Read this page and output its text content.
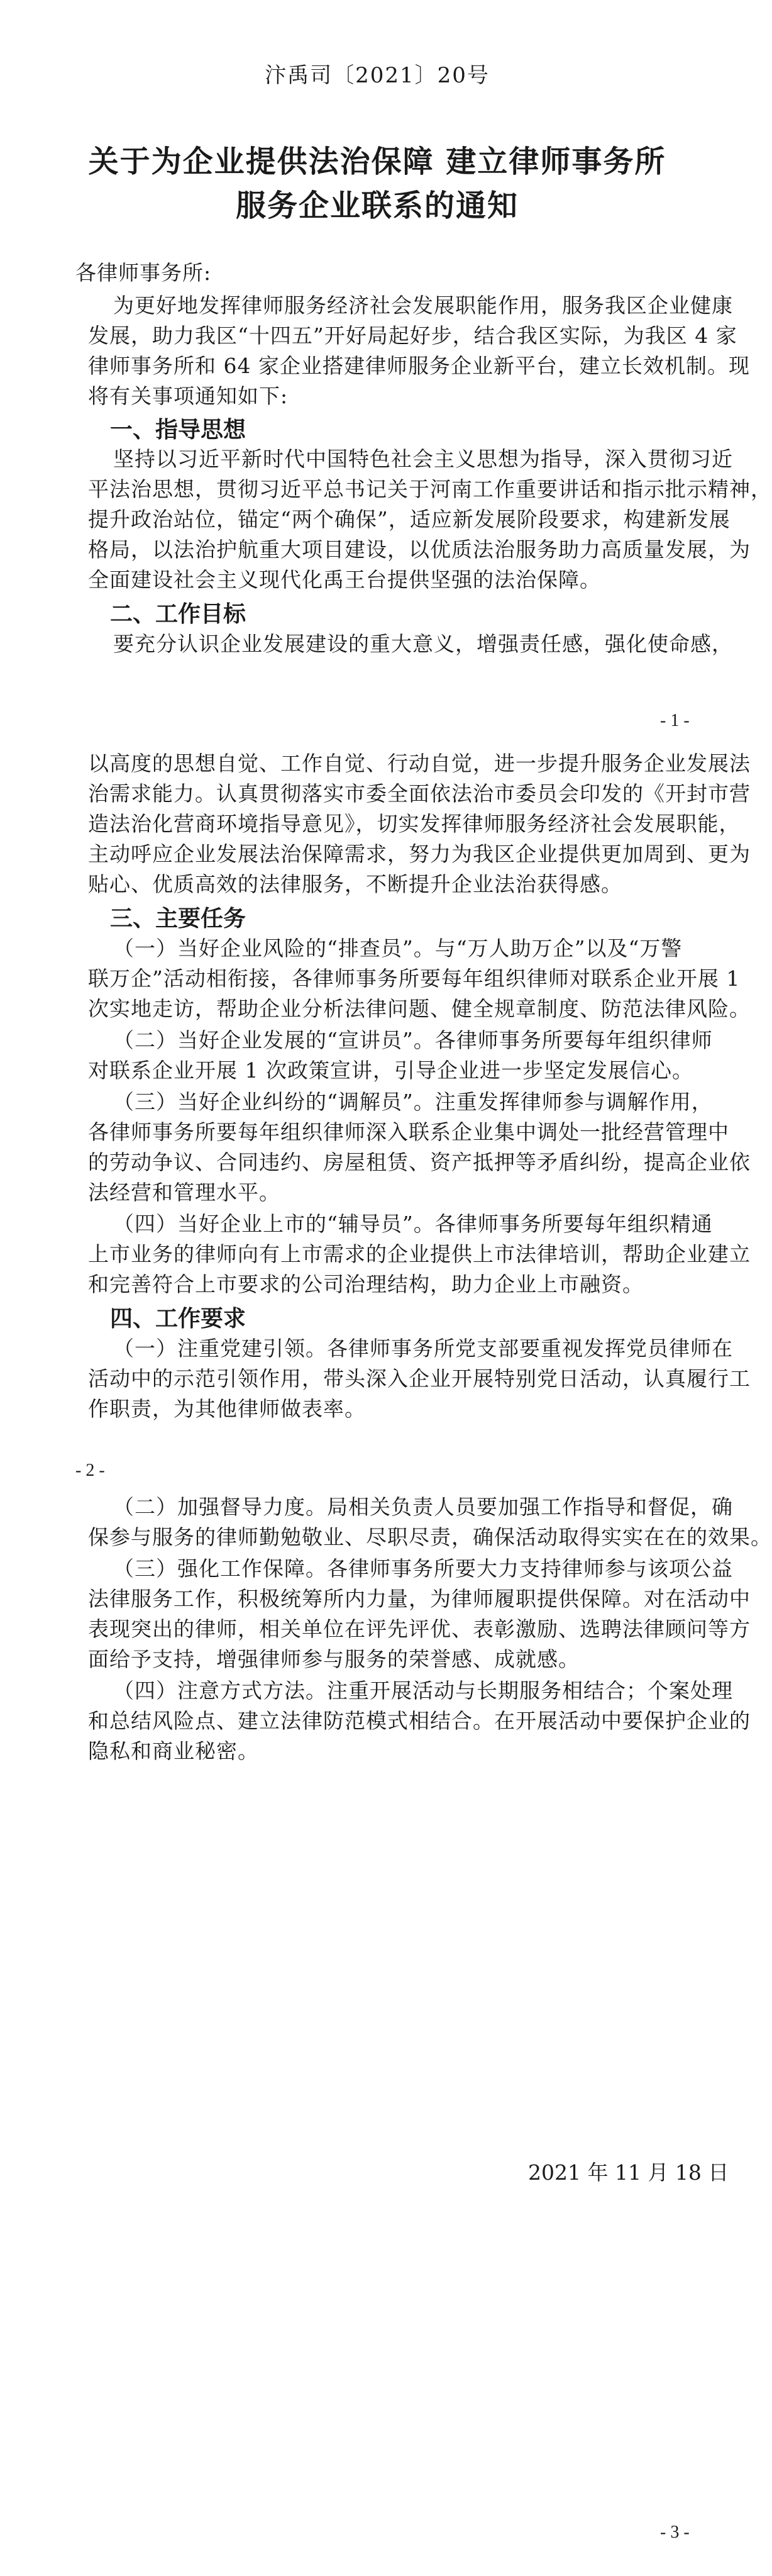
汴禹司〔2021〕20号
关于为企业提供法治保障 建立律师事务所
服务企业联系的通知
各律师事务所:
为更好地发挥律师服务经济社会发展职能作用，服务我区企业健康
发展，助力我区“十四五”开好局起好步，结合我区实际，为我区 4 家
律师事务所和 64 家企业搭建律师服务企业新平台，建立长效机制。现
将有关事项通知如下:
一、指导思想
坚持以习近平新时代中国特色社会主义思想为指导，深入贯彻习近
平法治思想，贯彻习近平总书记关于河南工作重要讲话和指示批示精神，
提升政治站位，锚定“两个确保”，适应新发展阶段要求，构建新发展
格局，以法治护航重大项目建设，以优质法治服务助力高质量发展，为
全面建设社会主义现代化禹王台提供坚强的法治保障。
二、工作目标
要充分认识企业发展建设的重大意义，增强责任感，强化使命感，
- 1 -
以高度的思想自觉、工作自觉、行动自觉，进一步提升服务企业发展法
治需求能力。认真贯彻落实市委全面依法治市委员会印发的《开封市营
造法治化营商环境指导意见》，切实发挥律师服务经济社会发展职能，
主动呼应企业发展法治保障需求，努力为我区企业提供更加周到、更为
贴心、优质高效的法律服务，不断提升企业法治获得感。
三、主要任务
（一）当好企业风险的“排查员”。与“万人助万企”以及“万警
联万企”活动相衔接，各律师事务所要每年组织律师对联系企业开展 1
次实地走访，帮助企业分析法律问题、健全规章制度、防范法律风险。
（二）当好企业发展的“宣讲员”。各律师事务所要每年组织律师
对联系企业开展 1 次政策宣讲，引导企业进一步坚定发展信心。
（三）当好企业纠纷的“调解员”。注重发挥律师参与调解作用，
各律师事务所要每年组织律师深入联系企业集中调处一批经营管理中
的劳动争议、合同违约、房屋租赁、资产抵押等矛盾纠纷，提高企业依
法经营和管理水平。
（四）当好企业上市的“辅导员”。各律师事务所要每年组织精通
上市业务的律师向有上市需求的企业提供上市法律培训，帮助企业建立
和完善符合上市要求的公司治理结构，助力企业上市融资。
四、工作要求
（一）注重党建引领。各律师事务所党支部要重视发挥党员律师在
活动中的示范引领作用，带头深入企业开展特别党日活动，认真履行工
作职责，为其他律师做表率。
- 2 -
（二）加强督导力度。局相关负责人员要加强工作指导和督促，确
保参与服务的律师勤勉敬业、尽职尽责，确保活动取得实实在在的效果。
（三）强化工作保障。各律师事务所要大力支持律师参与该项公益
法律服务工作，积极统筹所内力量，为律师履职提供保障。对在活动中
表现突出的律师，相关单位在评先评优、表彰激励、选聘法律顾问等方
面给予支持，增强律师参与服务的荣誉感、成就感。
（四）注意方式方法。注重开展活动与长期服务相结合；个案处理
和总结风险点、建立法律防范模式相结合。在开展活动中要保护企业的
隐私和商业秘密。
2021 年 11 月 18 日
- 3 -
